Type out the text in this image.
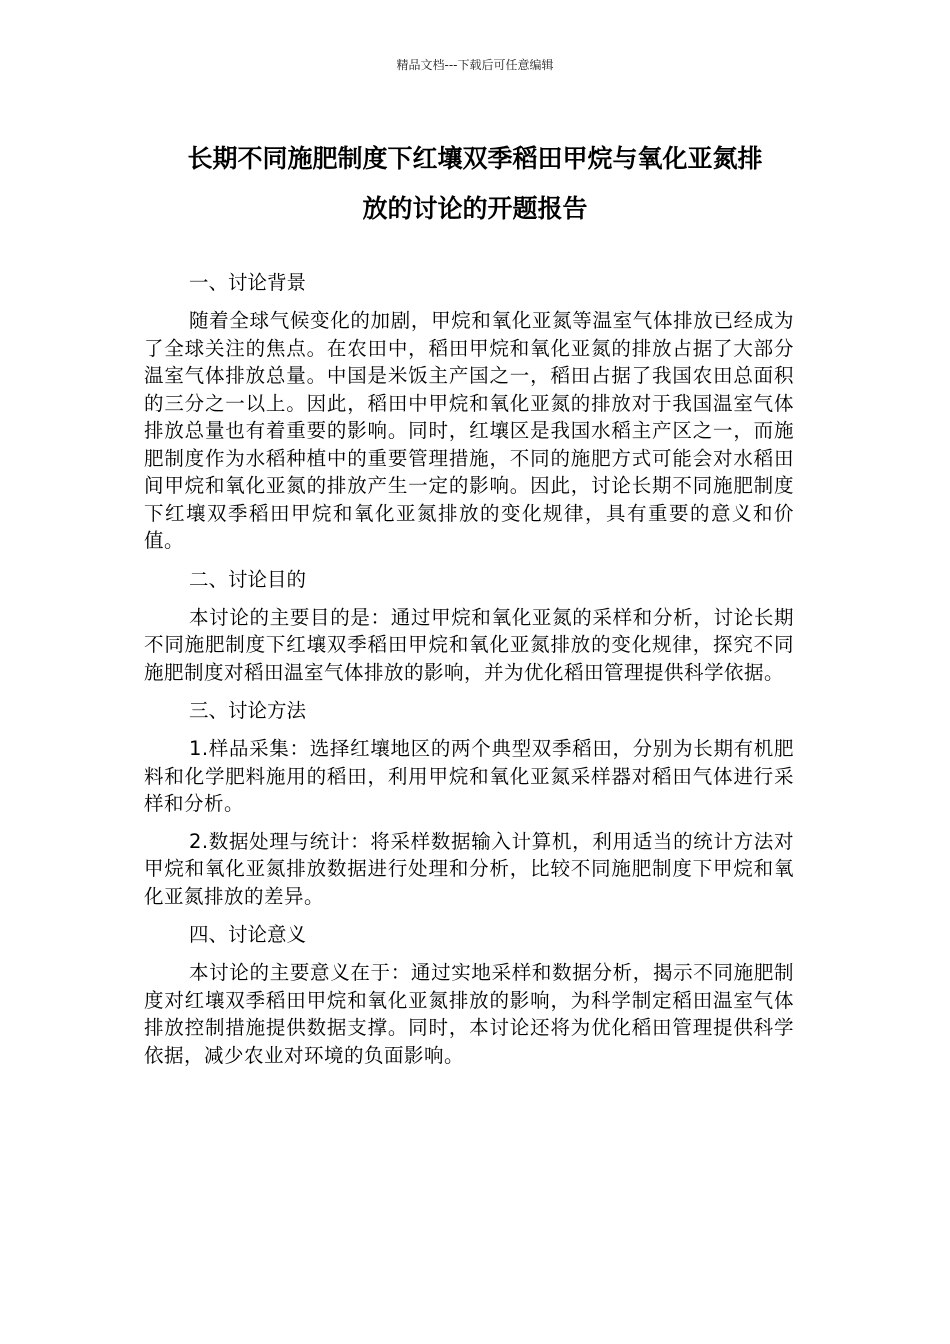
精品文档---下载后可任意编辑
长期不同施肥制度下红壤双季稻田甲烷与氧化亚氮排
放的讨论的开题报告
一、讨论背景

随着全球气候变化的加剧，甲烷和氧化亚氮等温室气体排放已经成为了全球关注的焦点。在农田中，稻田甲烷和氧化亚氮的排放占据了大部分温室气体排放总量。中国是米饭主产国之一，稻田占据了我国农田总面积的三分之一以上。因此，稻田中甲烷和氧化亚氮的排放对于我国温室气体排放总量也有着重要的影响。同时，红壤区是我国水稻主产区之一，而施肥制度作为水稻种植中的重要管理措施，不同的施肥方式可能会对水稻田间甲烷和氧化亚氮的排放产生一定的影响。因此，讨论长期不同施肥制度下红壤双季稻田甲烷和氧化亚氮排放的变化规律，具有重要的意义和价值。

二、讨论目的

本讨论的主要目的是：通过甲烷和氧化亚氮的采样和分析，讨论长期不同施肥制度下红壤双季稻田甲烷和氧化亚氮排放的变化规律，探究不同施肥制度对稻田温室气体排放的影响，并为优化稻田管理提供科学依据。

三、讨论方法

1.样品采集：选择红壤地区的两个典型双季稻田，分别为长期有机肥料和化学肥料施用的稻田，利用甲烷和氧化亚氮采样器对稻田气体进行采样和分析。

2.数据处理与统计：将采样数据输入计算机，利用适当的统计方法对甲烷和氧化亚氮排放数据进行处理和分析，比较不同施肥制度下甲烷和氧化亚氮排放的差异。

四、讨论意义

本讨论的主要意义在于：通过实地采样和数据分析，揭示不同施肥制度对红壤双季稻田甲烷和氧化亚氮排放的影响，为科学制定稻田温室气体排放控制措施提供数据支撑。同时，本讨论还将为优化稻田管理提供科学依据，减少农业对环境的负面影响。
